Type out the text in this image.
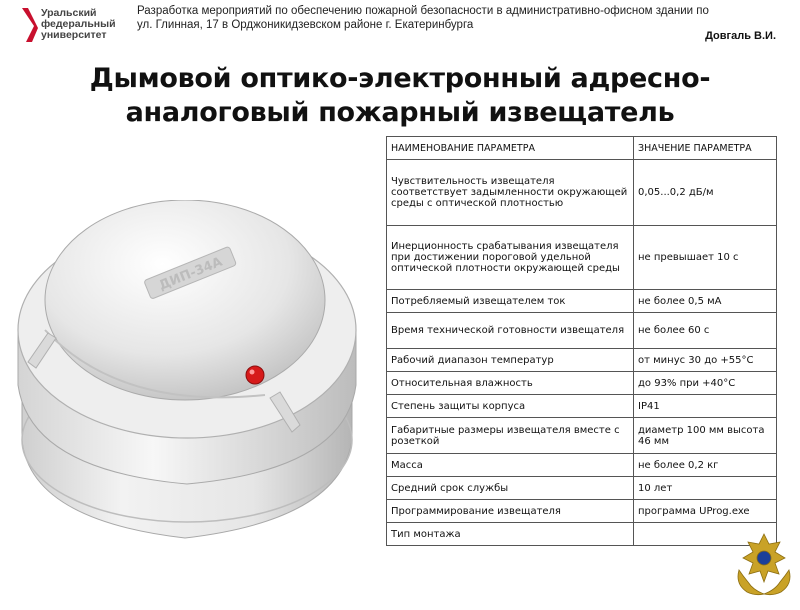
Уральский
федеральный
университет
Разработка мероприятий по обеспечению пожарной безопасности в административно-офисном здании по
ул. Глинная, 17 в Орджоникидзевском районе г. Екатеринбурга
Довгаль В.И.
Дымовой оптико-электронный адресно-
аналоговый пожарный извещатель
ДИП-34А
НАИМЕНОВАНИЕ ПАРАМЕТРА	ЗНАЧЕНИЕ ПАРАМЕТРА
Чувствительность извещателя соответствует задымленности окружающей среды с оптической плотностью	0,05...0,2 дБ/м
Инерционность срабатывания извещателя при достижении пороговой удельной оптической плотности окружающей среды	не превышает 10 с
Потребляемый извещателем ток	не более 0,5 мА
Время технической готовности извещателя	не более 60 с
Рабочий диапазон температур	от минус 30 до +55°С
Относительная влажность	до 93% при +40°С
Степень защиты корпуса	IP41
Габаритные размеры извещателя вместе с розеткой	диаметр 100 мм высота 46 мм
Масса	не более 0,2 кг
Средний срок службы	10 лет
Программирование извещателя	программа UProg.exe
Тип монтажа	
